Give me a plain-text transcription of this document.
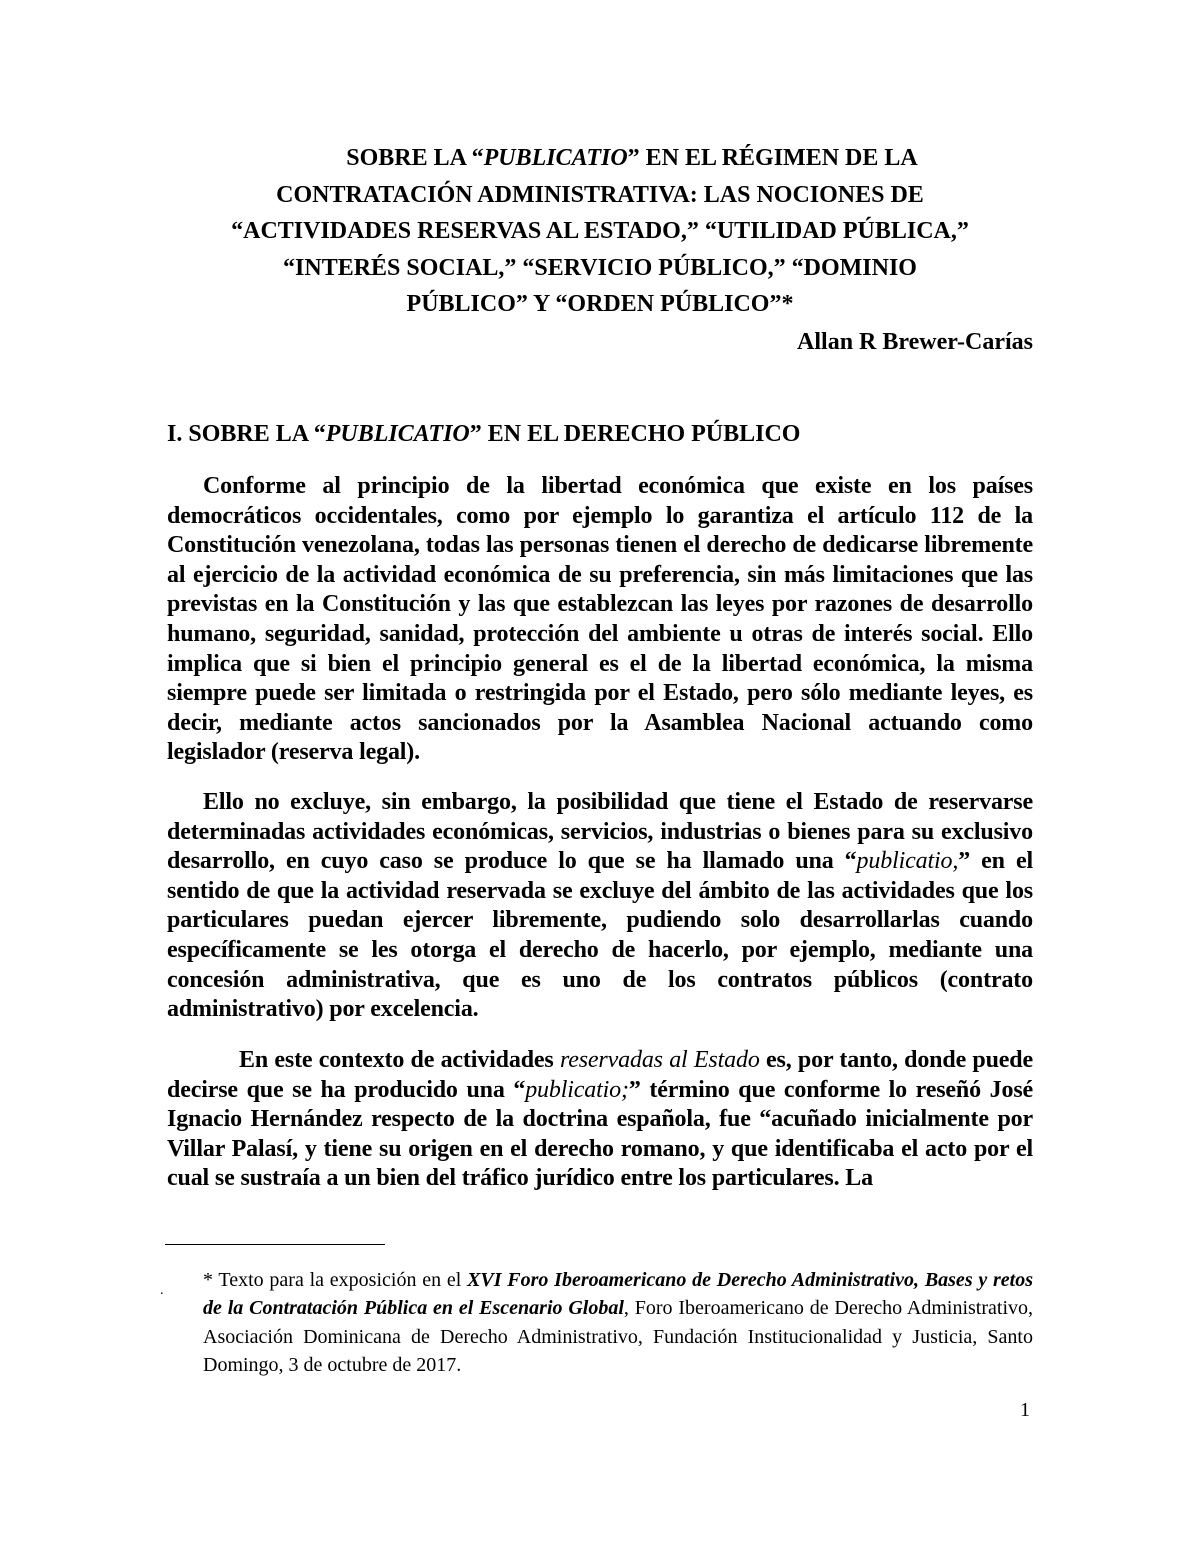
SOBRE LA “PUBLICATIO” EN EL RÉGIMEN DE LA
CONTRATACIÓN ADMINISTRATIVA: LAS NOCIONES DE
“ACTIVIDADES RESERVAS AL ESTADO,” “UTILIDAD PÚBLICA,”
“INTERÉS SOCIAL,” “SERVICIO PÚBLICO,” “DOMINIO
PÚBLICO” Y “ORDEN PÚBLICO”*
Allan R Brewer-Carías
I. SOBRE LA “PUBLICATIO” EN EL DERECHO PÚBLICO
Conforme al principio de la libertad económica que existe en los países democráticos occidentales, como por ejemplo lo garantiza el artículo 112 de la Constitución venezolana, todas las personas tienen el derecho de dedicarse libremente al ejercicio de la actividad económica de su preferencia, sin más limitaciones que las previstas en la Constitución y las que establezcan las leyes por razones de desarrollo humano, seguridad, sanidad, protección del ambiente u otras de interés social. Ello implica que si bien el principio general es el de la libertad económica, la misma siempre puede ser limitada o restringida por el Estado, pero sólo mediante leyes, es decir, mediante actos sancionados por la Asamblea Nacional actuando como legislador (reserva legal).
Ello no excluye, sin embargo, la posibilidad que tiene el Estado de reservarse determinadas actividades económicas, servicios, industrias o bienes para su exclusivo desarrollo, en cuyo caso se produce lo que se ha llamado una “publicatio,” en el sentido de que la actividad reservada se excluye del ámbito de las actividades que los particulares puedan ejercer libremente, pudiendo solo desarrollarlas cuando específicamente se les otorga el derecho de hacerlo, por ejemplo, mediante una concesión administrativa, que es uno de los contratos públicos (contrato administrativo) por excelencia.
En este contexto de actividades reservadas al Estado es, por tanto, donde puede decirse que se ha producido una “publicatio;” término que conforme lo reseñó José Ignacio Hernández respecto de la doctrina española, fue “acuñado inicialmente por Villar Palasí, y tiene su origen en el derecho romano, y que identificaba el acto por el cual se sustraía a un bien del tráfico jurídico entre los particulares. La
. * Texto para la exposición en el XVI Foro Iberoamericano de Derecho Administrativo, Bases y retos de la Contratación Pública en el Escenario Global, Foro Iberoamericano de Derecho Administrativo, Asociación Dominicana de Derecho Administrativo, Fundación Institucionalidad y Justicia, Santo Domingo, 3 de octubre de 2017.
1
